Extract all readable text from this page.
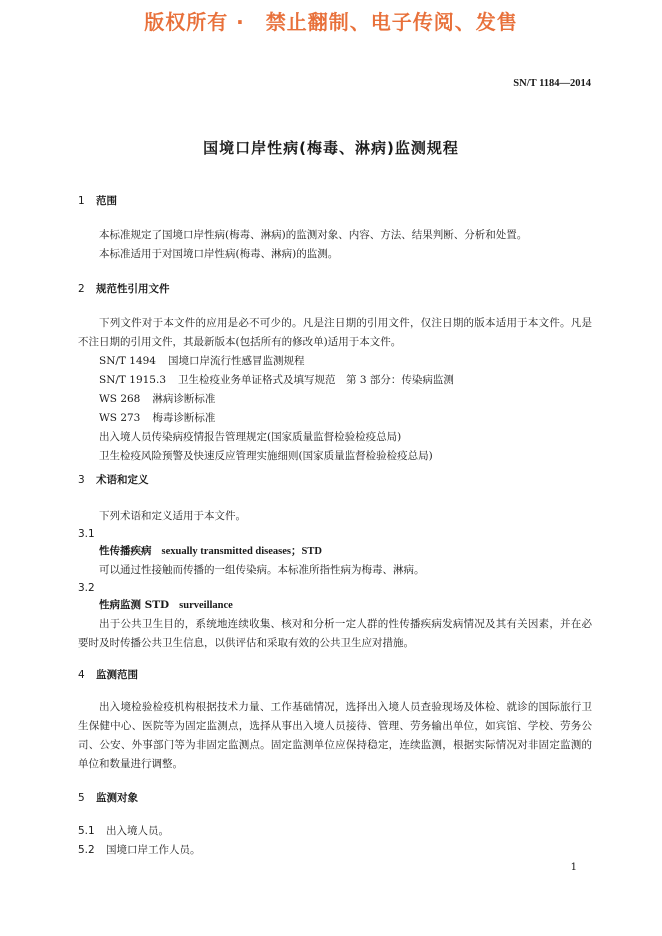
版权所有 ·　禁止翻制、电子传阅、发售
SN/T 1184—2014
国境口岸性病(梅毒、淋病)监测规程
1 范围
本标准规定了国境口岸性病(梅毒、淋病)的监测对象、内容、方法、结果判断、分析和处置。
本标准适用于对国境口岸性病(梅毒、淋病)的监测。
2 规范性引用文件
下列文件对于本文件的应用是必不可少的。凡是注日期的引用文件，仅注日期的版本适用于本文件。凡是不注日期的引用文件，其最新版本(包括所有的修改单)适用于本文件。
SN/T 1494 国境口岸流行性感冒监测规程
SN/T 1915.3 卫生检疫业务单证格式及填写规范　第 3 部分：传染病监测
WS 268 淋病诊断标准
WS 273 梅毒诊断标准
出入境人员传染病疫情报告管理规定(国家质量监督检验检疫总局)
卫生检疫风险预警及快速反应管理实施细则(国家质量监督检验检疫总局)
3 术语和定义
下列术语和定义适用于本文件。
3.1
性传播疾病 sexually transmitted diseases；STD
可以通过性接触而传播的一组传染病。本标准所指性病为梅毒、淋病。
3.2
性病监测 STD surveillance
出于公共卫生目的，系统地连续收集、核对和分析一定人群的性传播疾病发病情况及其有关因素，并在必要时及时传播公共卫生信息，以供评估和采取有效的公共卫生应对措施。
4 监测范围
出入境检验检疫机构根据技术力量、工作基础情况，选择出入境人员查验现场及体检、就诊的国际旅行卫生保健中心、医院等为固定监测点，选择从事出入境人员接待、管理、劳务输出单位，如宾馆、学校、劳务公司、公安、外事部门等为非固定监测点。固定监测单位应保持稳定，连续监测，根据实际情况对非固定监测的单位和数量进行调整。
5 监测对象
5.1 出入境人员。
5.2 国境口岸工作人员。
1
